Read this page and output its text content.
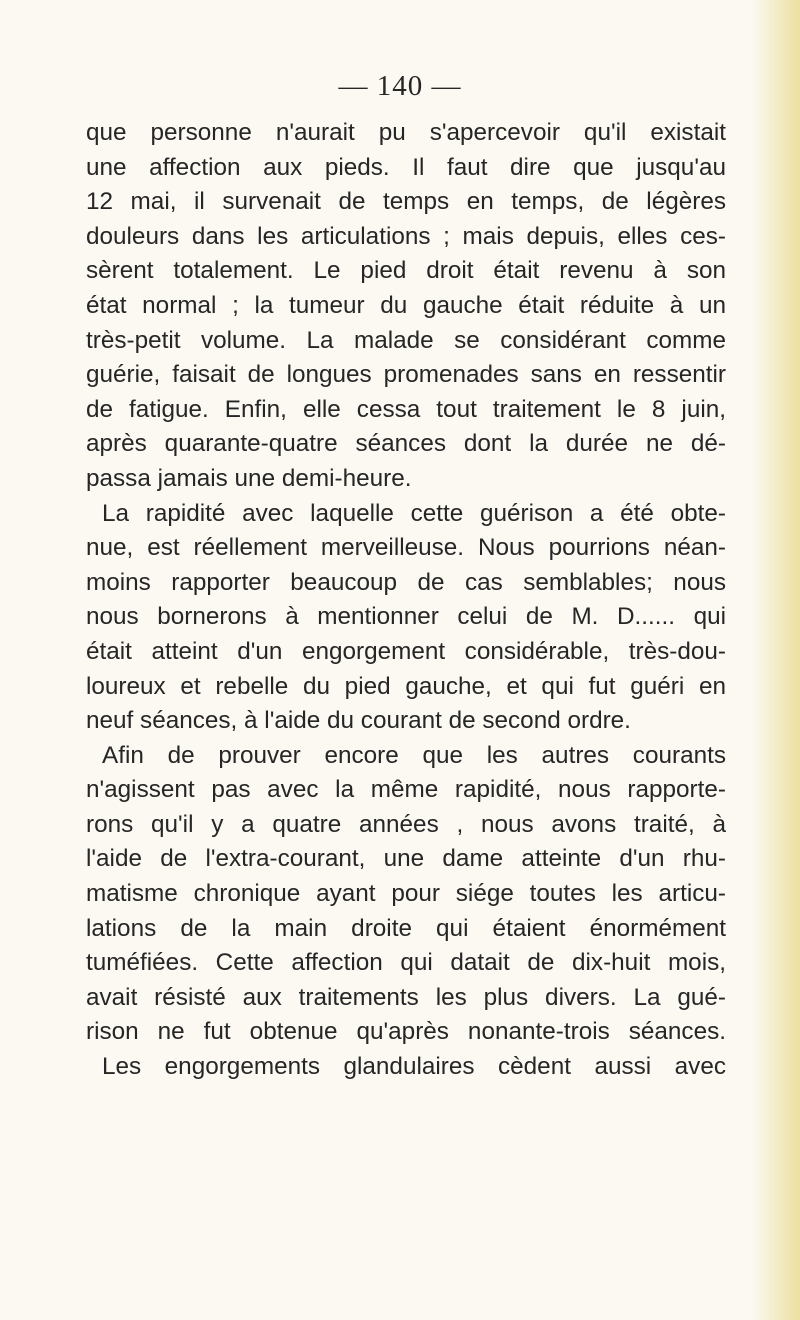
— 140 —
que personne n'aurait pu s'apercevoir qu'il existait
une affection aux pieds. Il faut dire que jusqu'au
12 mai, il survenait de temps en temps, de légères
douleurs dans les articulations ; mais depuis, elles ces-
sèrent totalement. Le pied droit était revenu à son
état normal ; la tumeur du gauche était réduite à un
très-petit volume. La malade se considérant comme
guérie, faisait de longues promenades sans en ressentir
de fatigue. Enfin, elle cessa tout traitement le 8 juin,
après quarante-quatre séances dont la durée ne dé-
passa jamais une demi-heure.
La rapidité avec laquelle cette guérison a été obte-
nue, est réellement merveilleuse. Nous pourrions néan-
moins rapporter beaucoup de cas semblables; nous
nous bornerons à mentionner celui de M. D...... qui
était atteint d'un engorgement considérable, très-dou-
loureux et rebelle du pied gauche, et qui fut guéri en
neuf séances, à l'aide du courant de second ordre.
Afin de prouver encore que les autres courants
n'agissent pas avec la même rapidité, nous rapporte-
rons qu'il y a quatre années , nous avons traité, à
l'aide de l'extra-courant, une dame atteinte d'un rhu-
matisme chronique ayant pour siége toutes les articu-
lations de la main droite qui étaient énormément
tuméfiées. Cette affection qui datait de dix-huit mois,
avait résisté aux traitements les plus divers. La gué-
rison ne fut obtenue qu'après nonante-trois séances.
Les engorgements glandulaires cèdent aussi avec
